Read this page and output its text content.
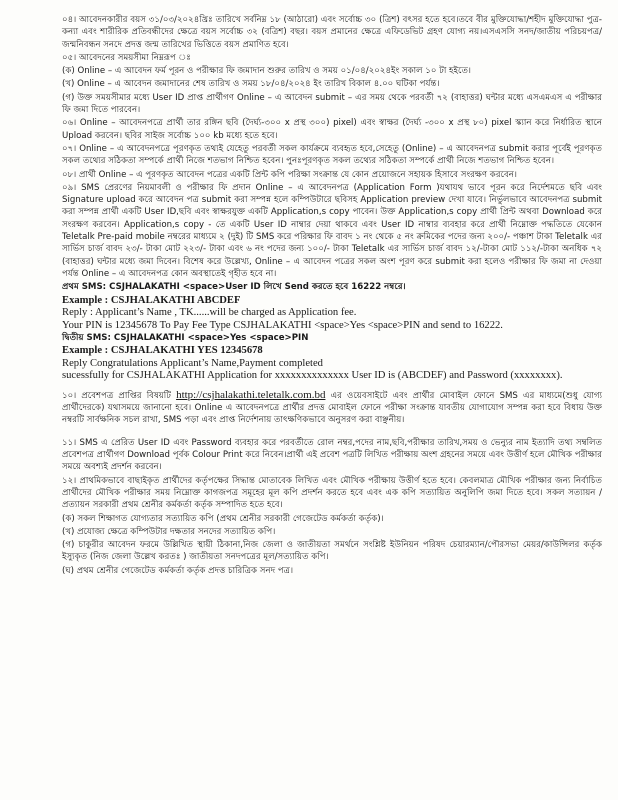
০৪। আবেদনকারীর বয়স ৩১/০৩/২০২৪খ্রিঃ তারিখে সর্বনিম্ন ১৮ (আঠারো) এবং সর্বোচ্চ ৩০ (ত্রিশ) বৎসর হতে হবে।তবে বীর মুক্তিযোদ্ধা/শহীদ মুক্তিযোদ্ধা পুত্র-কন্যা এবং শারীরিক প্রতিবন্ধীদের ক্ষেত্রে বয়স সর্বোচ্চ ৩২ (বত্রিশ) বছর। বয়স প্রমানের ক্ষেত্রে এফিডেভিট গ্রহণ যোগ্য নয়।এসএসসি সনদ/জাতীয় পরিচয়পত্র/জন্মনিবন্ধন সনদে প্রদত্ত জন্ম তারিখের ভিত্তিতে বয়স প্রমাণিত হবে।

০৫। আবেদনের সময়সীমা নিম্নরূপ ঃ

(ক) Online – এ আবেদন ফর্ম পূরন ও পরীক্ষার ফি জমাদান শুরুর তারিখ ও সময় ০১/০৪/২০২৪ইং সকাল ১০ টা হইতে।

(খ) Online – এ আবেদন জমাদানের শেষ তারিখ ও সময় ১৮/০৪/২০২৪ ইং তারিখ বিকাল ৪.০০ ঘটিকা পর্যন্ত।

(গ) উক্ত সময়সীমার মধ্যে User ID প্রাপ্ত প্রার্থীগণ Online – এ আবেদন submit – এর সময় থেকে পরবর্তী ৭২ (বাহাত্তর) ঘন্টার মধ্যে এসএমএস এ পরীক্ষার ফি জমা দিতে পারবেন।

০৬। Online – আবেদনপত্রে প্রার্থী তার রঙ্গিন ছবি (দৈর্ঘ্য-৩০০ x প্রস্থ ৩০০) pixel) এবং স্বাক্ষর (দৈর্ঘ্য -৩০০ x প্রস্থ ৮০) pixel স্ক্যান করে নির্ধারিত স্থানে Upload করবেন। ছবির সাইজ সর্বোচ্চ ১০০ kb মধ্যে হতে হবে।

০৭। Online – এ আবেদনপত্রে পূরণকৃত তথ্যই যেহেতু পরবর্তী সকল কার্যক্রমে ব্যবহৃত হবে,সেহেতু (Online) – এ আবেদনপত্র submit করার পূর্বেই পূরণকৃত সকল তথ্যের সঠিকতা সম্পর্কে প্রার্থী নিজে শতভাগ নিশ্চিত হবেন। পুনঃপূরণকৃত সকল তথ্যের সঠিকতা সম্পর্কে প্রার্থী নিজে শতভাগ নিশ্চিত হবেন।

০৮। প্রার্থী Online – এ পূরণকৃত আবেদন পত্রের একটি প্রিন্ট কপি পরিক্ষা সংক্রান্ত যে কোন প্রয়োজনে সহায়ক হিসাবে সংরক্ষণ করবেন।

০৯। SMS প্রেরণের নিয়মাবলী ও পরীক্ষার ফি প্রদান Online – এ আবেদনপত্র (Application Form )যথাযথ ভাবে পূরন করে নির্দেশমতে ছবি এবং Signature upload করে আবেদন পত্র submit করা সম্পন্ন হলে কম্পিউটারে ছবিসহ Application preview দেখা যাবে। নির্ভুলভাবে আবেদনপত্র submit করা সম্পন্ন প্রার্থী একটি User ID,ছবি এবং স্বাক্ষরযুক্ত একটি Application,s copy পাবেন। উক্ত Application,s copy প্রার্থী প্রিন্ট অথবা Download করে সংরক্ষণ করবেন। Application,s copy - তে একটি User ID নাম্বার দেয়া থাকবে এবং User ID নাম্বার ব্যবহার করে প্রার্থী নিম্নোক্ত পদ্ধতিতে যেকোন Teletalk Pre-paid mobile নম্বরের মাধ্যমে ২ (দুই) টি SMS করে পরিক্ষার ফি বাবদ ১ নং থেকে ৫ নং ক্রমিকের পদের জন্য ২০০/- পঞ্চাশ টাকা Teletalk এর সার্ভিস চার্জ বাবদ ২৩/- টাকা মোট ২২৩/- টাকা এবং ৬ নং পদের জন্য ১০০/- টাকা Teletalk এর সার্ভিস চার্জ বাবদ ১২/-টাকা মোট ১১২/-টাকা অনধিক ৭২ (বাহাত্তর) ঘন্টার মধ্যে জমা দিবেন। বিশেষ করে উল্লেখ্য, Online – এ আবেদন পত্রের সকল অংশ পূরণ করে submit করা হলেও পরীক্ষার ফি জমা না দেওয়া পর্যন্ত Online – এ আবেদনপত্র কোন অবস্থাতেই গৃহীত হবে না।

প্রথম SMS: CSJHALAKATHI <space>User ID লিখে Send করতে হবে 16222 নম্বরে।

Example : CSJHALAKATHI ABCDEF

Reply : Applicant’s Name , TK......will be charged as Application fee.

Your PIN is 12345678 To Pay Fee Type CSJHALAKATHI <space>Yes <space>PIN and send to 16222.

দ্বিতীয় SMS: CSJHALAKATHI <space>Yes <space>PIN

Example : CSJHALAKATHI YES 12345678

Reply Congratulations Applicant’s Name,Payment completed

sucessfully for CSJHALAKATHI Application for xxxxxxxxxxxxxx User ID is (ABCDEF) and Password (xxxxxxxx).

১০। প্রবেশপত্র প্রাপ্তির বিষয়টি http://csjhalakathi.teletalk.com.bd এর ওয়েবসাইটে এবং প্রার্থীর মোবাইল ফোনে SMS এর মাধ্যমে(শুধু যোগ্য প্রার্থীদেরকে) যথাসময়ে জানানো হবে। Online এ আবেদনপত্রে প্রার্থীর প্রদত্ত মোবাইল ফোনে পরীক্ষা সংক্রান্ত যাবতীয় যোগাযোগ সম্পন্ন করা হবে বিধায় উক্ত নম্বরটি সার্বক্ষনিক সচল রাখা, SMS পড়া এবং প্রাপ্ত নির্দেশনায় তাৎক্ষণিকভাবে অনুসরণ করা বাঞ্ছনীয়।

১১। SMS এ প্রেরিত User ID এবং Password ব্যবহার করে পরবর্তীতে রোল নম্বর,পদের নাম,ছবি,পরীক্ষার তারিখ,সময় ও ভেন্যুর নাম ইত্যাদি তথ্য সম্বলিত প্রবেশপত্র প্রার্থীগণ Download পূর্বক Colour Print করে নিবেন।প্রার্থী এই প্রবেশ পত্রটি লিখিত পরীক্ষায় অংশ গ্রহনের সময়ে এবং উত্তীর্ণ হলে মৌখিক পরীক্ষার সময়ে অবশ্যই প্রদর্শন করবেন।

১২। প্রাথমিকভাবে বাছাইকৃত প্রার্থীদের কর্তৃপক্ষের সিদ্ধান্ত মোতাবেক লিখিত এবং মৌখিক পরীক্ষায় উত্তীর্ণ হতে হবে। কেবলমাত্র মৌখিক পরীক্ষার জন্য নির্বাচিত প্রার্থীদের মৌখিক পরীক্ষার সময় নিম্নোক্ত কাগজপত্র সমূহের মূল কপি প্রদর্শন করতে হবে এবং এক কপি সত্যায়িত অনুলিপি জমা দিতে হবে। সকল সত্যায়ন /প্রত্যায়ন সরকারী প্রথম শ্রেনীর কর্মকর্তা কর্তৃক সম্পাদিত হতে হবে।

(ক) সকল শিক্ষাগত যোগ্যতার সত্যায়িত কপি (প্রথম শ্রেনীর সরকারী গেজেটেড কর্মকর্তা কর্তৃক)।

(খ) প্রযোজ্য ক্ষেত্রে কম্পিউটার দক্ষতার সনদের সত্যায়িত কপি।

(গ) চাকুরীর আবেদন ফরমে উল্লিখিত স্থায়ী ঠিকানা,নিজ জেলা ও জাতীয়তা সমর্থনে সংশ্লিষ্ট ইউনিয়ন পরিষদ চেয়ারম্যান/পৌরসভা মেয়র/কাউন্সিলর কর্তৃক ইস্যুকৃত (নিজ জেলা উল্লেখ করতঃ ) জাতীয়তা সনদপত্রের মূল/সত্যায়িত কপি।

(ঘ) প্রথম শ্রেনীর গেজেটেড কর্মকর্তা কর্তৃক প্রদত্ত চারিত্রিক সনদ পত্র।
